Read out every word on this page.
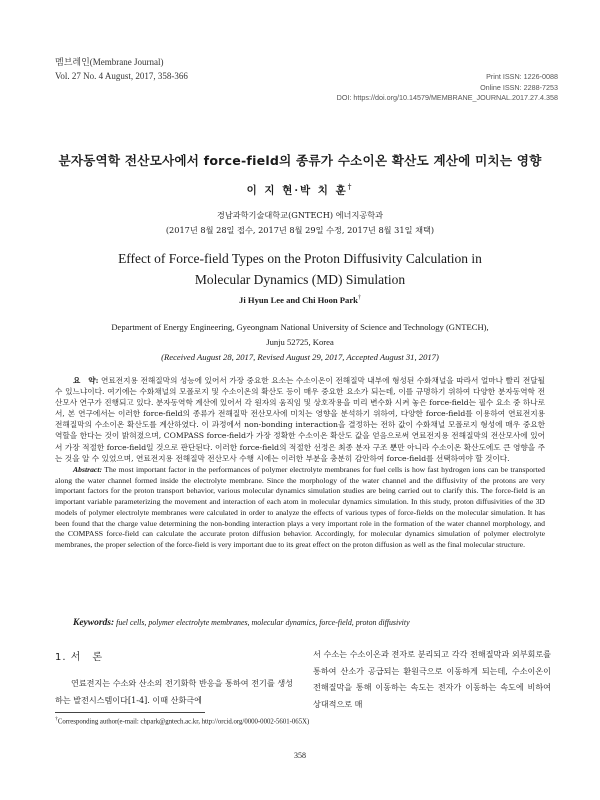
멤브레인(Membrane Journal)
Vol. 27 No. 4 August, 2017, 358-366	Print ISSN: 1226-0088
Online ISSN: 2288-7253
DOI: https://doi.org/10.14579/MEMBRANE_JOURNAL.2017.27.4.358
분자동역학 전산모사에서 force-field의 종류가 수소이온 확산도 계산에 미치는 영향
이 지 현·박 치 훈†
경남과학기술대학교(GNTECH) 에너지공학과
(2017년 8월 28일 접수, 2017년 8월 29일 수정, 2017년 8월 31일 채택)
Effect of Force-field Types on the Proton Diffusivity Calculation in
Molecular Dynamics (MD) Simulation
Ji Hyun Lee and Chi Hoon Park†
Department of Energy Engineering, Gyeongnam National University of Science and Technology (GNTECH),
Junju 52725, Korea
(Received August 28, 2017, Revised August 29, 2017, Accepted August 31, 2017)
요　약: 연료전지용 전해질막의 성능에 있어서 가장 중요한 요소는 수소이온이 전해질막 내부에 형성된 수화채널을 따라서 얼마나 빨리 전달될 수 있느냐이다. 여기에는 수화채널의 모폴로지 및 수소이온의 확산도 등이 매우 중요한 요소가 되는데, 이를 규명하기 위하여 다양한 분자동역학 전산모사 연구가 진행되고 있다. 분자동역학 계산에 있어서 각 원자의 움직임 및 상호작용을 미리 변수화 시켜 놓은 force-field는 필수 요소 중 하나로서, 본 연구에서는 이러한 force-field의 종류가 전해질막 전산모사에 미치는 영향을 분석하기 위하여, 다양한 force-field를 이용하여 연료전지용 전해질막의 수소이온 확산도를 계산하였다. 이 과정에서 non-bonding interaction을 결정하는 전하 값이 수화채널 모폴로지 형성에 매우 중요한 역할을 한다는 것이 밝혀졌으며, COMPASS force-field가 가장 정확한 수소이온 확산도 값을 얻음으로써 연료전지용 전해질막의 전산모사에 있어서 가장 적절한 force-field일 것으로 판단된다. 이러한 force-field의 적절한 선정은 최종 분자 구조 뿐만 아니라 수소이온 확산도에도 큰 영향을 주는 것을 알 수 있었으며, 연료전지용 전해질막 전산모사 수행 시에는 이러한 부분을 충분히 감안하여 force-field를 선택하여야 할 것이다.
Abstract: The most important factor in the performances of polymer electrolyte membranes for fuel cells is how fast hydrogen ions can be transported along the water channel formed inside the electrolyte membrane. Since the morphology of the water channel and the diffusivity of the protons are very important factors for the proton transport behavior, various molecular dynamics simulation studies are being carried out to clarify this. The force-field is an important variable parameterizing the movement and interaction of each atom in molecular dynamics simulation. In this study, proton diffusivities of the 3D models of polymer electrolyte membranes were calculated in order to analyze the effects of various types of force-fields on the molecular simulation. It has been found that the charge value determining the non-bonding interaction plays a very important role in the formation of the water channel morphology, and the COMPASS force-field can calculate the accurate proton diffusion behavior. Accordingly, for molecular dynamics simulation of polymer electrolyte membranes, the proper selection of the force-field is very important due to its great effect on the proton diffusion as well as the final molecular structure.
Keywords: fuel cells, polymer electrolyte membranes, molecular dynamics, force-field, proton diffusivity
1. 서　론

연료전지는 수소와 산소의 전기화학 반응을 통하여 전기를 생성하는 발전시스템이다[1-4]. 이때 산화극에

서 수소는 수소이온과 전자로 분리되고 각각 전해질막과 외부회로를 통하여 산소가 공급되는 환원극으로 이동하게 되는데, 수소이온이 전해질막을 통해 이동하는 속도는 전자가 이동하는 속도에 비하여 상대적으로 매
†Corresponding author(e-mail: chpark@gntech.ac.kr, http://orcid.org/0000-0002-5601-065X)
358
